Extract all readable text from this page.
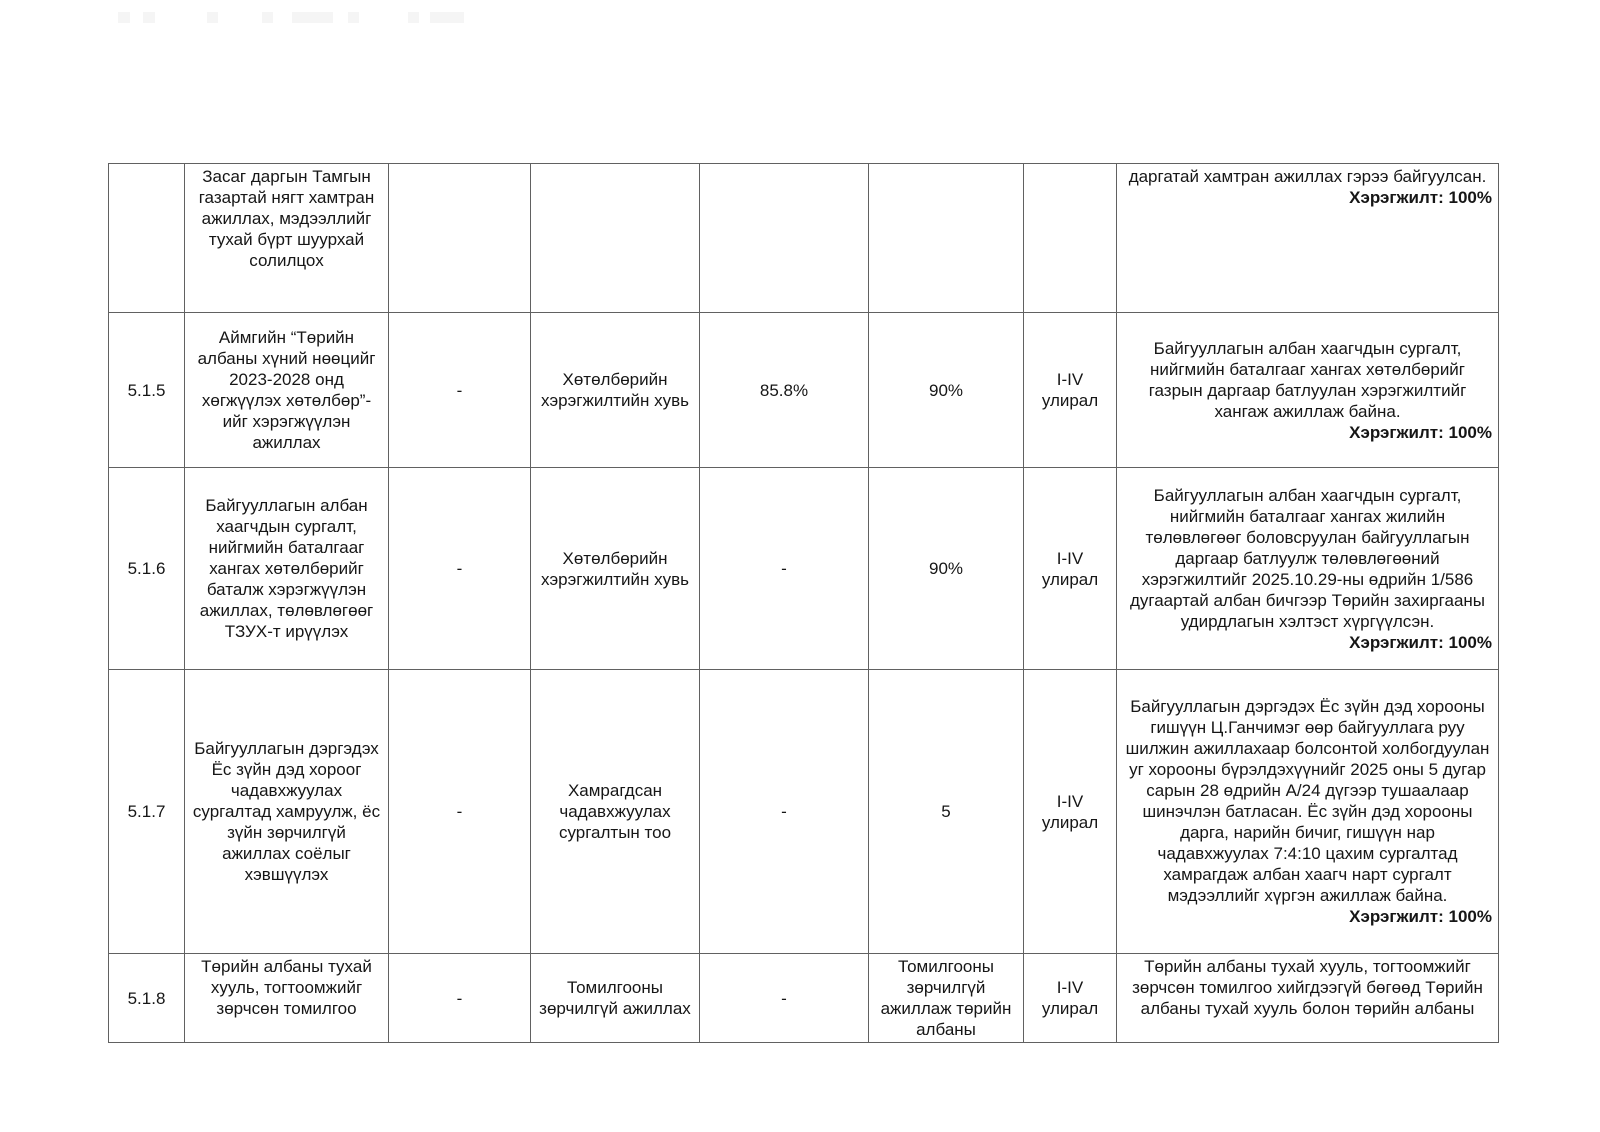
	Засаг даргын Тамгын газартай нягт хамтран ажиллах, мэдээллийг тухай бүрт шуурхай солилцох						даргатай хамтран ажиллах гэрээ байгуулсан.
Хэрэгжилт: 100%

5.1.5	Аймгийн “Төрийн албаны хүний нөөцийг 2023-2028 онд хөгжүүлэх хөтөлбөр”-ийг хэрэгжүүлэн ажиллах	-	Хөтөлбөрийн хэрэгжилтийн хувь	85.8%	90%	I-IV улирал	Байгууллагын албан хаагчдын сургалт, нийгмийн баталгааг хангах хөтөлбөрийг газрын даргаар батлуулан хэрэгжилтийг хангаж ажиллаж байна.
Хэрэгжилт: 100%

5.1.6	Байгууллагын албан хаагчдын сургалт, нийгмийн баталгааг хангах хөтөлбөрийг баталж хэрэгжүүлэн ажиллах, төлөвлөгөөг ТЗУХ-т ирүүлэх	-	Хөтөлбөрийн хэрэгжилтийн хувь	-	90%	I-IV улирал	Байгууллагын албан хаагчдын сургалт, нийгмийн баталгааг хангах жилийн төлөвлөгөөг боловсруулан байгууллагын даргаар батлуулж төлөвлөгөөний хэрэгжилтийг 2025.10.29-ны өдрийн 1/586 дугаартай албан бичгээр Төрийн захиргааны удирдлагын хэлтэст хүргүүлсэн.
Хэрэгжилт: 100%

5.1.7	Байгууллагын дэргэдэх Ёс зүйн дэд хороог чадавхжуулах сургалтад хамруулж, ёс зүйн зөрчилгүй ажиллах соёлыг хэвшүүлэх	-	Хамрагдсан чадавхжуулах сургалтын тоо	-	5	I-IV улирал	Байгууллагын дэргэдэх Ёс зүйн дэд хорооны гишүүн Ц.Ганчимэг өөр байгууллага руу шилжин ажиллахаар болсонтой холбогдуулан уг хорооны бүрэлдэхүүнийг 2025 оны 5 дугар сарын 28 өдрийн А/24 дүгээр тушаалаар шинэчлэн батласан. Ёс зүйн дэд хорооны дарга, нарийн бичиг, гишүүн нар чадавхжуулах 7:4:10 цахим сургалтад хамрагдаж албан хаагч нарт сургалт мэдээллийг хүргэн ажиллаж байна.
Хэрэгжилт: 100%

5.1.8	Төрийн албаны тухай хууль, тогтоомжийг зөрчсөн томилгоо	-	Томилгооны зөрчилгүй ажиллах	-	Томилгооны зөрчилгүй ажиллаж төрийн албаны	I-IV улирал	Төрийн албаны тухай хууль, тогтоомжийг зөрчсөн томилгоо хийгдээгүй бөгөөд Төрийн албаны тухай хууль болон төрийн албаны
